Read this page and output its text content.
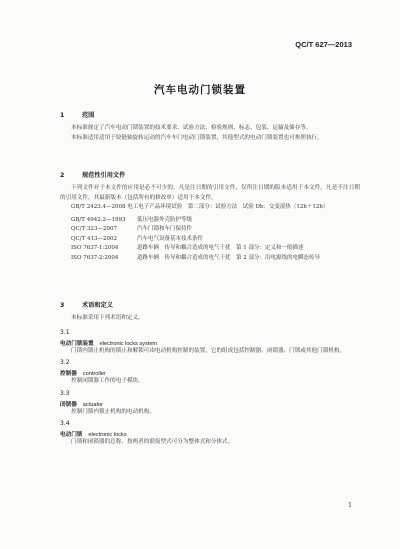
QC/T 627—2013
汽车电动门锁装置
1	范围
本标准规定了汽车电动门锁装置的技术要求、试验方法、检验规则、标志、包装、运输及储存等。
本标准适用适用于铰链轴旋转运动的汽车车门电动门锁装置，其他型式的电动门锁装置也可参照执行。
2	规范性引用文件
下列文件对于本文件的应用是必不可少的。凡是注日期的引用文件，仅所注日期的版本适用于本文件。凡是不注日期的引用文件，其最新版本（包括所有的修改单）适用于本文件。
GB/T 2423.4—2008 电工电子产品环境试验　第二部分：试验方法　试验 Db：交变湿热（12h＋12h）
GB/T 4942.2—1993 低压电器外壳防护等级
QC/T 323—2007	汽车门锁和车门保持件
QC/T 413—2002	汽车电气设备基本技术条件
ISO 7637-1:2004	道路车辆　传导和耦合造成的电气干扰　第 1 部分：定义和一般描述
ISO 7637-2:2004	道路车辆　传导和耦合造成的电气干扰　第 2 部分：沿电源线的电瞬态传导
3	术语和定义
本标准采用下列术语和定义。
3.1
电动门锁装置 electronic locks system
门锁内锁止机构的锁止和解锁可由电动机构控制的装置，它的组成包括控制器、闭锁器、门锁或其他门锁机构。
3.2
控制器 controller
控制闭锁器工作的电子模块。
3.3
闭锁器 actuator
控制门锁内锁止机构的电动机构。
3.4
电动门锁 electronic locks
门锁和闭锁器的总称，按两者的联接型式可分为整体式和分体式。
1
